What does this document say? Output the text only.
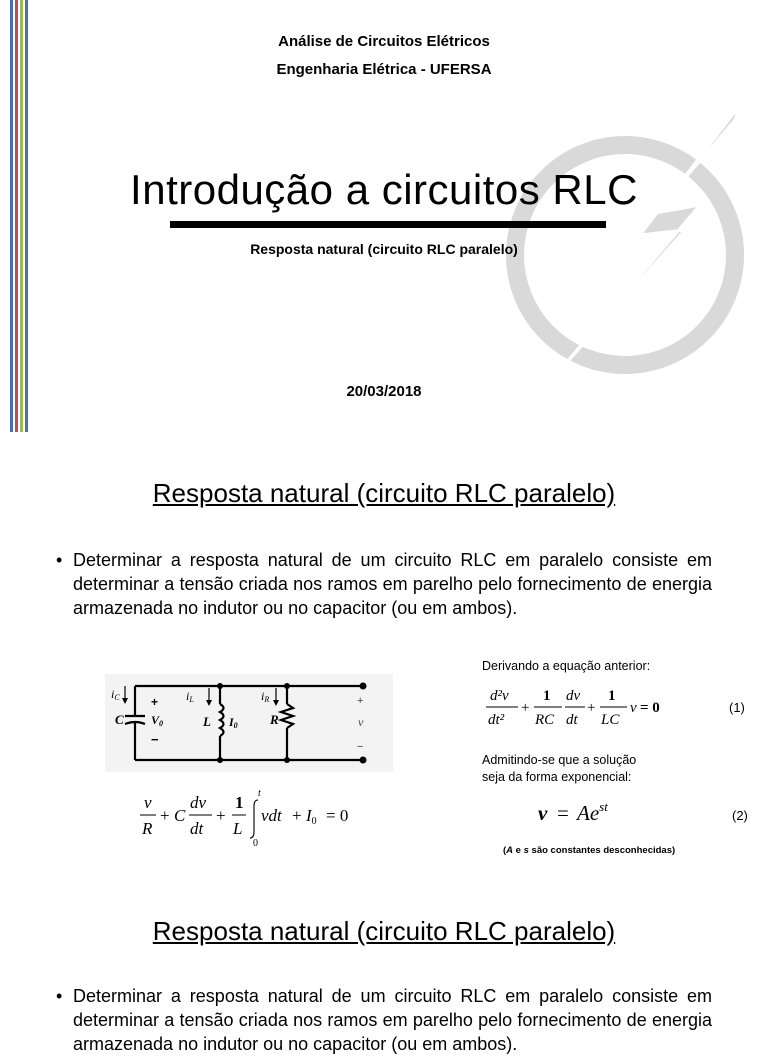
Análise de Circuitos Elétricos
Engenharia Elétrica - UFERSA
Introdução a circuitos RLC
Resposta natural (circuito RLC paralelo)
20/03/2018
Resposta natural (circuito RLC paralelo)
• Determinar a resposta natural de um circuito RLC em paralelo consiste em determinar a tensão criada nos ramos em parelho pelo fornecimento de energia armazenada no indutor ou no capacitor (ou em ambos).
iC
C
+
V0
−
iL
L I0
iR
R
+
v
−
v
R
+ C
dv
dt
+
1
L
t
0
vdt + I0 = 0
Derivando a equação anterior:
d²v
dt²
+
1
RC
dv
dt
+
1
LC
v = 0	(1)
Admitindo-se que a solução
seja da forma exponencial:
$v = Ae^{st}$
(2)
(A e s são constantes desconhecidas)
Resposta natural (circuito RLC paralelo)
• Determinar a resposta natural de um circuito RLC em paralelo consiste em determinar a tensão criada nos ramos em parelho pelo fornecimento de energia armazenada no indutor ou no capacitor (ou em ambos).
